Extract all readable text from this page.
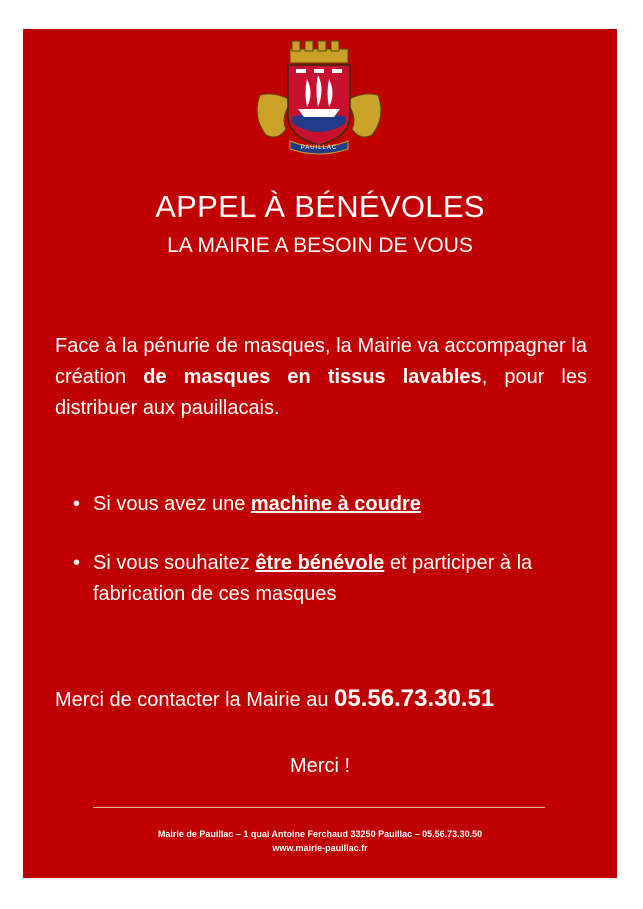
PAUILLAC
APPEL À BÉNÉVOLES
LA MAIRIE A BESOIN DE VOUS

Face à la pénurie de masques, la Mairie va accompagner la création de masques en tissus lavables, pour les distribuer aux pauillacais.

• Si vous avez une machine à coudre
• Si vous souhaitez être bénévole et participer à la fabrication de ces masques
Merci de contacter la Mairie au 05.56.73.30.51
Merci !
Mairie de Pauillac – 1 quai Antoine Ferchaud 33250 Pauillac – 05.56.73.30.50
www.mairie-pauillac.fr
